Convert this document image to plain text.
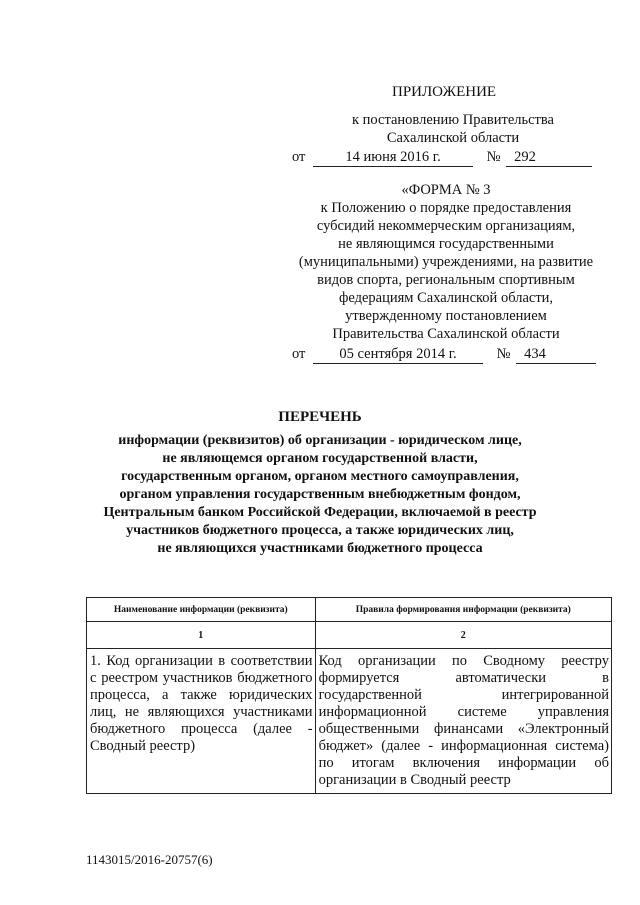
ПРИЛОЖЕНИЕ
к постановлению Правительства
Сахалинской области
от	14 июня 2016 г.	№ 292
«ФОРМА № 3
к Положению о порядке предоставления
субсидий некоммерческим организациям,
не являющимся государственными
(муниципальными) учреждениями, на развитие
видов спорта, региональным спортивным
федерациям Сахалинской области,
утвержденному постановлением
Правительства Сахалинской области
от 05 сентября 2014 г.	№ 434
ПЕРЕЧЕНЬ
информации (реквизитов) об организации - юридическом лице,
не являющемся органом государственной власти,
государственным органом, органом местного самоуправления,
органом управления государственным внебюджетным фондом,
Центральным банком Российской Федерации, включаемой в реестр
участников бюджетного процесса, а также юридических лиц,
не являющихся участниками бюджетного процесса
Наименование информации (реквизита)	Правила формирования информации (реквизита)
1	2
1. Код организации в соответствии с реестром участников бюджетного процесса, а также юридических лиц, не являющихся участниками бюджетного процесса (далее - Сводный реестр)	Код организации по Сводному реестру формируется автоматически в государственной интегрированной информационной системе управления общественными финансами «Электронный бюджет» (далее - информационная система) по итогам включения информации об организации в Сводный реестр
1143015/2016-20757(6)
